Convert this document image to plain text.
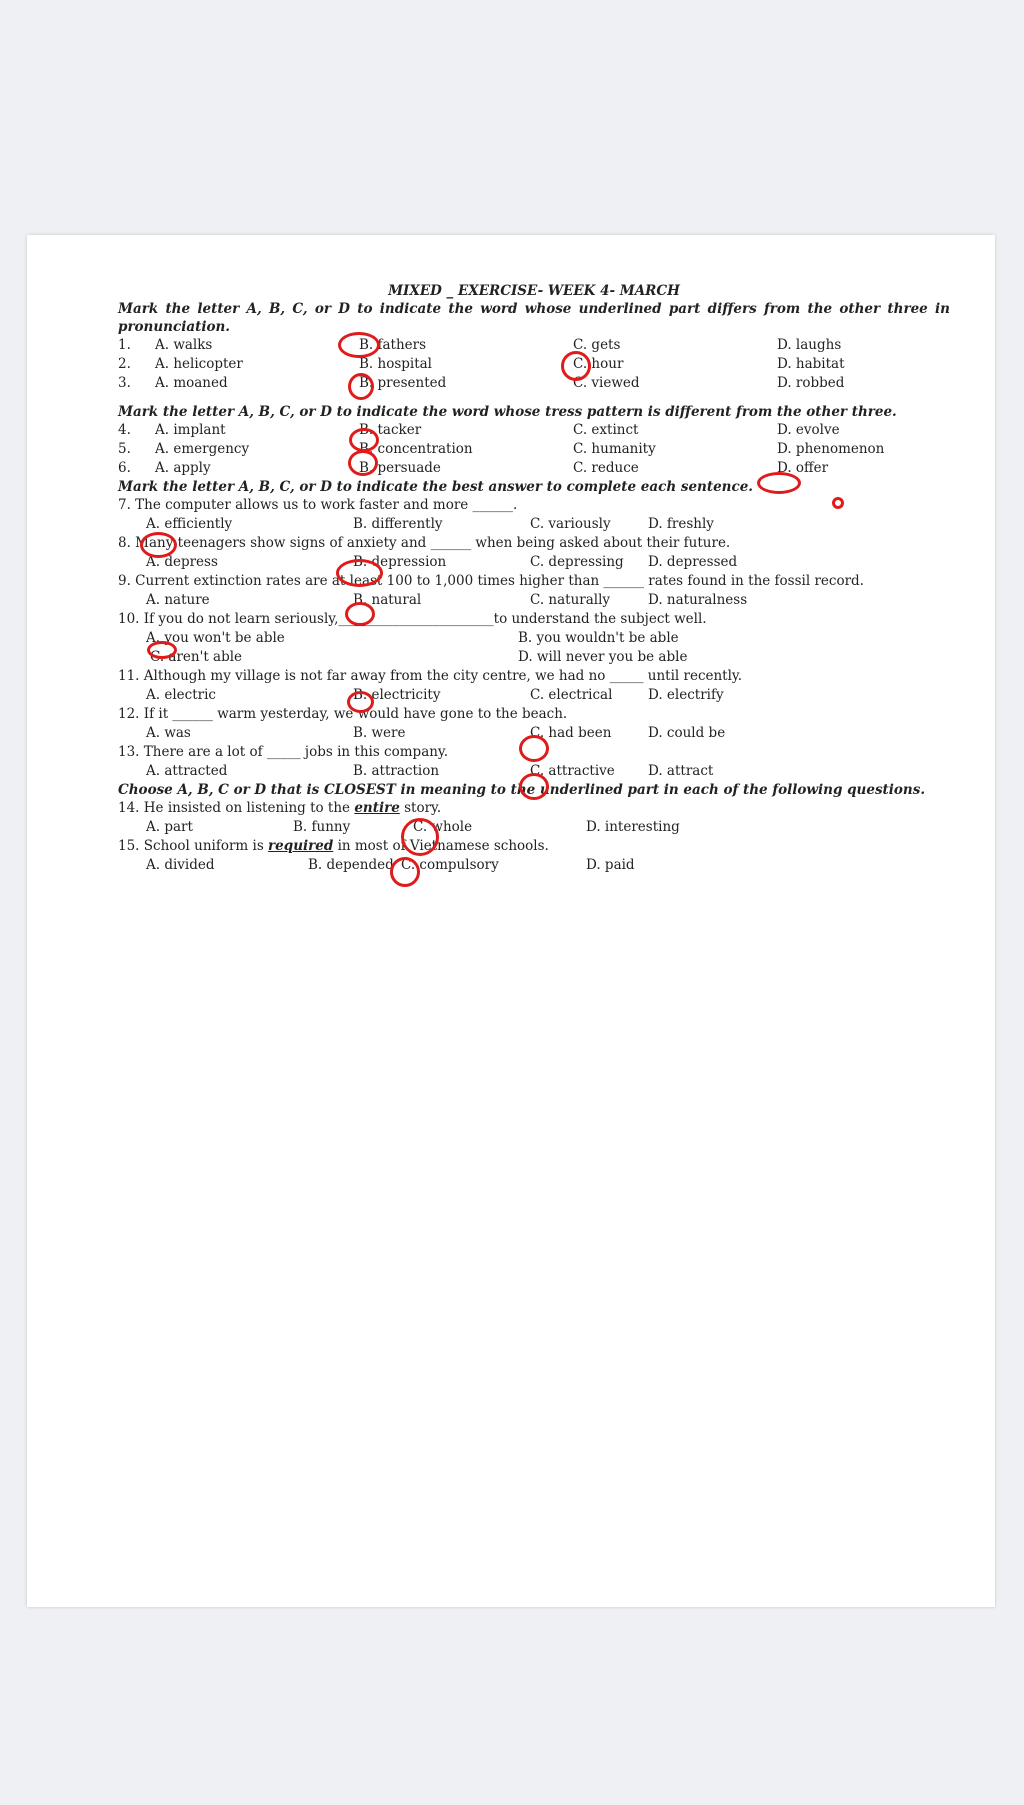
MIXED _ EXERCISE- WEEK 4- MARCH
Mark the letter A, B, C, or D to indicate the word whose underlined part differs from the other three in pronunciation.
1. A. walks	B. fathers	C. gets	D. laughs
2. A. helicopter	B. hospital	C. hour	D. habitat
3. A. moaned	B. presented	C. viewed	D. robbed
Mark the letter A, B, C, or D to indicate the word whose tress pattern is different from the other three.
4. A. implant	B. tacker	C. extinct	D. evolve
5. A. emergency	B. concentration	C. humanity	D. phenomenon
6. A. apply	B. persuade	C. reduce	D. offer
Mark the letter A, B, C, or D to indicate the best answer to complete each sentence.
7. The computer allows us to work faster and more ______.
A. efficiently	B. differently	C. variously	D. freshly
8. Many teenagers show signs of anxiety and ______ when being asked about their future.
A. depress	B. depression	C. depressing D. depressed
9. Current extinction rates are at least 100 to 1,000 times higher than ______ rates found in the fossil record.
A. nature	B. natural	C. naturally	D. naturalness
10. If you do not learn seriously,_______________________to understand the subject well.
A. you won't be able	B. you wouldn't be able
C. aren't able	D. will never you be able
11. Although my village is not far away from the city centre, we had no _____ until recently.
A. electric	B. electricity	C. electrical	D. electrify
12. If it ______ warm yesterday, we would have gone to the beach.
A. was	B. were	C. had been	D. could be
13. There are a lot of _____ jobs in this company.
A. attracted	B. attraction	C. attractive D. attract
Choose A, B, C or D that is CLOSEST in meaning to the underlined part in each of the following questions.
14. He insisted on listening to the entire story.
A. part	B. funny	C. whole	D. interesting
15. School uniform is required in most of Vietnamese schools.
A. divided	B. depended C. compulsory	D. paid
